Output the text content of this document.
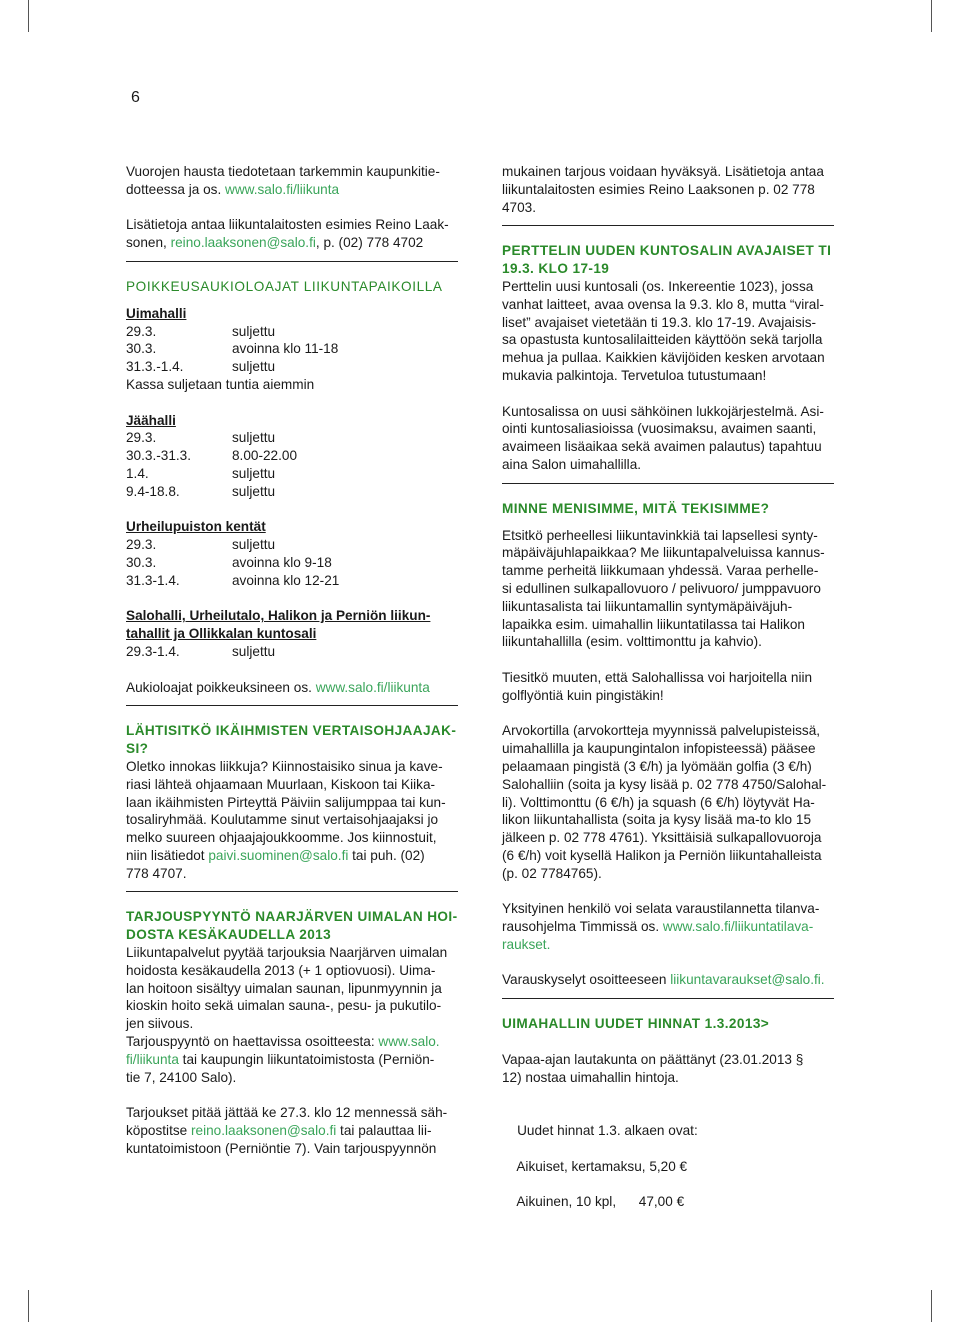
6

Vuorojen hausta tiedotetaan tarkemmin kaupunkitie-
dotteessa ja os. www.salo.fi/liikunta

Lisätietoja antaa liikuntalaitosten esimies Reino Laak-
sonen, reino.laaksonen@salo.fi, p. (02) 778 4702

POIKKEUSAUKIOLOAJAT LIIKUNTAPAIKOILLA

Uimahalli

29.3.	suljettu
30.3.	avoinna klo 11-18
31.3.-1.4.	suljettu

Kassa suljetaan tuntia aiemmin

Jäähalli

29.3.	suljettu
30.3.-31.3.	8.00-22.00
1.4.	suljettu
9.4-18.8.	suljettu

Urheilupuiston kentät

29.3.	suljettu
30.3.	avoinna klo 9-18
31.3-1.4.	avoinna klo 12-21

Salohalli, Urheilutalo, Halikon ja Perniön liikun-
tahallit ja Ollikkalan kuntosali

29.3-1.4.	suljettu

Aukioloajat poikkeuksineen os. www.salo.fi/liikunta

LÄHTISITKÖ IKÄIHMISTEN VERTAISOHJAAJAK-
SI?

Oletko innokas liikkuja? Kiinnostaisiko sinua ja kave-
riasi lähteä ohjaamaan Muurlaan, Kiskoon tai Kiika-
laan ikäihmisten Pirteyttä Päiviin salijumppaa tai kun-
tosaliryhmää. Koulutamme sinut vertaisohjaajaksi jo
melko suureen ohjaajajoukkoomme. Jos kiinnostuit,
niin lisätiedot paivi.suominen@salo.fi tai puh. (02)
778 4707.

TARJOUSPYYNTÖ NAARJÄRVEN UIMALAN HOI-
DOSTA KESÄKAUDELLA 2013

Liikuntapalvelut pyytää tarjouksia Naarjärven uimalan
hoidosta kesäkaudella 2013 (+ 1 optiovuosi). Uima-
lan hoitoon sisältyy uimalan saunan, lipunmyynnin ja
kioskin hoito sekä uimalan sauna-, pesu- ja pukutilo-
jen siivous.
Tarjouspyyntö on haettavissa osoitteesta: www.salo.
fi/liikunta tai kaupungin liikuntatoimistosta (Perniön-
tie 7, 24100 Salo).

Tarjoukset pitää jättää ke 27.3. klo 12 mennessä säh-
köpostitse reino.laaksonen@salo.fi tai palauttaa lii-
kuntatoimistoon (Perniöntie 7). Vain tarjouspyynnön

mukainen tarjous voidaan hyväksyä. Lisätietoja antaa
liikuntalaitosten esimies Reino Laaksonen p. 02 778
4703.

PERTTELIN UUDEN KUNTOSALIN AVAJAISET TI
19.3. KLO 17-19

Perttelin uusi kuntosali (os. Inkereentie 1023), jossa
vanhat laitteet, avaa ovensa la 9.3. klo 8, mutta “viral-
liset” avajaiset vietetään ti 19.3. klo 17-19. Avajaisis-
sa opastusta kuntosalilaitteiden käyttöön sekä tarjolla
mehua ja pullaa. Kaikkien kävijöiden kesken arvotaan
mukavia palkintoja. Tervetuloa tutustumaan!

Kuntosalissa on uusi sähköinen lukkojärjestelmä. Asi-
ointi kuntosaliasioissa (vuosimaksu, avaimen saanti,
avaimeen lisäaikaa sekä avaimen palautus) tapahtuu
aina Salon uimahallilla.

MINNE MENISIMME, MITÄ TEKISIMME?

Etsitkö perheellesi liikuntavinkkiä tai lapsellesi synty-
mäpäiväjuhlapaikkaa? Me liikuntapalveluissa kannus-
tamme perheitä liikkumaan yhdessä. Varaa perhelle-
si edullinen sulkapallovuoro / pelivuoro/ jumppavuoro
liikuntasalista tai liikuntamallin syntymäpäiväjuh-
lapaikka esim. uimahallin liikuntatilassa tai Halikon
liikuntahallilla (esim. volttimonttu ja kahvio).

Tiesitkö muuten, että Salohallissa voi harjoitella niin
golflyöntiä kuin pingistäkin!

Arvokortilla (arvokortteja myynnissä palvelupisteissä,
uimahallilla ja kaupungintalon infopisteessä) pääsee
pelaamaan pingistä (3 €/h) ja lyömään golfia (3 €/h)
Salohalliin (soita ja kysy lisää p. 02 778 4750/Salohal-
li). Volttimonttu (6 €/h) ja squash (6 €/h) löytyvät Ha-
likon liikuntahallista (soita ja kysy lisää ma-to klo 15
jälkeen p. 02 778 4761). Yksittäisiä sulkapallovuoroja
(6 €/h) voit kysellä Halikon ja Perniön liikuntahalleista
(p. 02 7784765).

Yksityinen henkilö voi selata varaustilannetta tilanva-
rausohjelma Timmissä os. www.salo.fi/liikuntatilava-
raukset.

Varauskyselyt osoitteeseen liikuntavaraukset@salo.fi.

UIMAHALLIN UUDET HINNAT 1.3.2013>

Vapaa-ajan lautakunta on päättänyt (23.01.2013 §
12) nostaa uimahallin hintoja.

Uudet hinnat 1.3. alkaen ovat:

Aikuiset, kertamaksu, 5,20 €

Aikuinen, 10 kpl,      47,00 €
